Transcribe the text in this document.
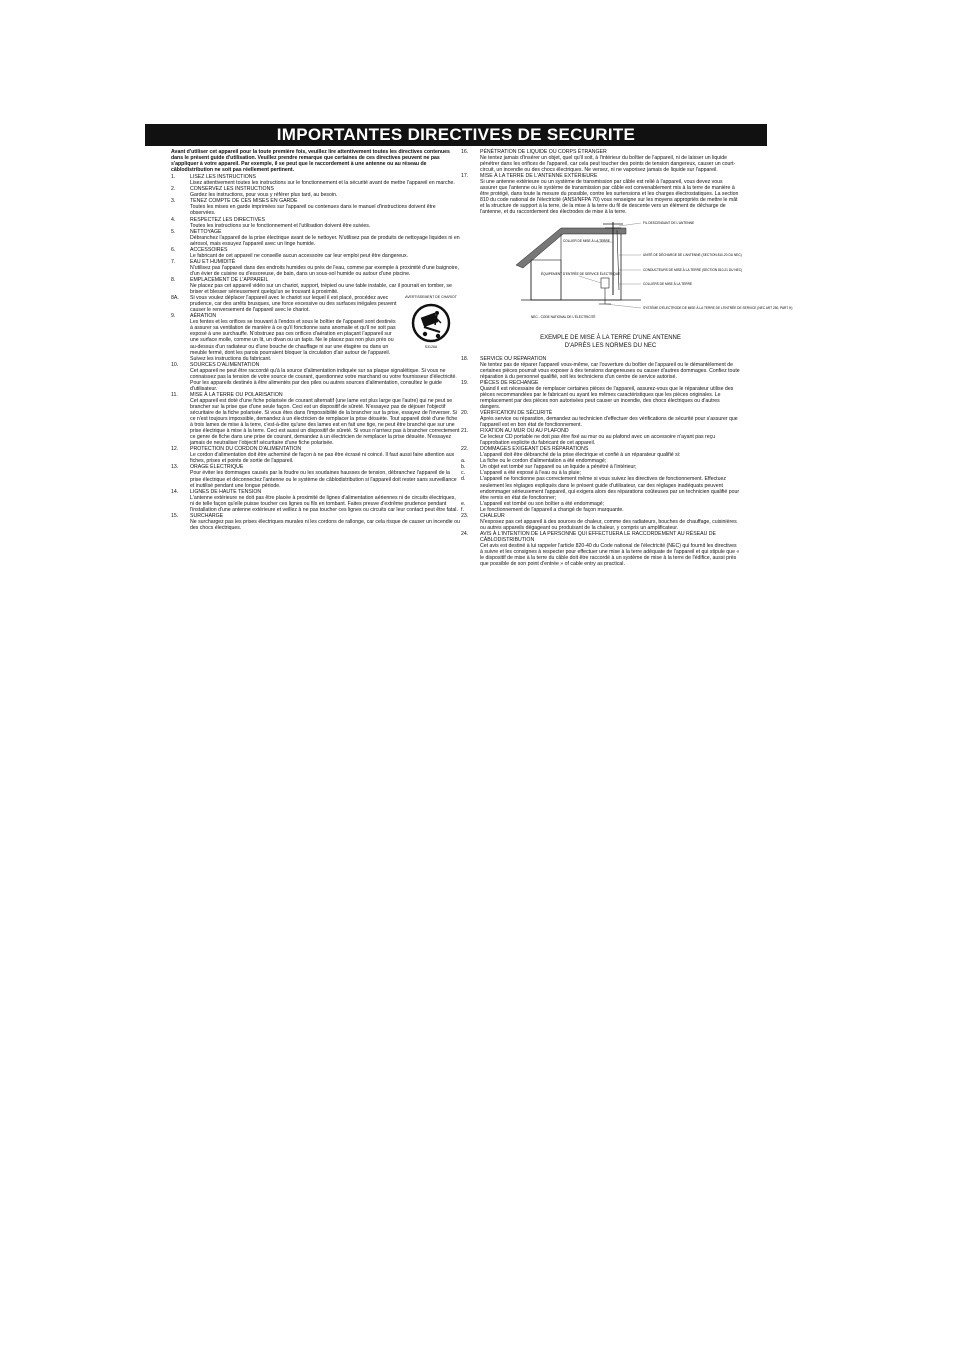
IMPORTANTES DIRECTIVES DE SECURITE
Avant d'utiliser cet appareil pour la toute première fois, veuillez lire attentivement toutes les directives contenues dans le présent guide d'utilisation. Veuillez prendre remarque que certaines de ces directives peuvent ne pas s'appliquer à votre appareil. Par exemple, il se peut que le raccordement à une antenne ou au réseau de câblodistribution ne soit pas réellement pertinent.
1.	LISEZ LES INSTRUCTIONS
Lisez attentivement toutes les instructions sur le fonctionnement et la sécurité avant de mettre l'appareil en marche.
2.	CONSERVEZ LES INSTRUCTIONS
Gardez les instructions, pour vous y référer plus tard, au besoin.
3.	TENEZ COMPTE DE CES MISES EN GARDE
Toutes les mises en garde imprimées sur l'appareil ou contenues dans le manuel d'instructions doivent être observées.
4.	RESPECTEZ LES DIRECTIVES
Toutes les instructions sur le fonctionnement et l'utilisation doivent être suivies.
5.	NETTOYAGE
Débranchez l'appareil de la prise électrique avant de le nettoyer. N'utilisez pas de produits de nettoyage liquides ni en aérosol, mais essuyez l'appareil avec un linge humide.
6.	ACCESSOIRES
Le fabricant de cet appareil ne conseille aucun accessoire car leur emploi peut être dangereux.
7.	EAU ET HUMIDITÉ
N'utilisez pas l'appareil dans des endroits humides ou près de l'eau, comme par exemple à proximité d'une baignoire, d'un évier de cuisine ou d'essoreuse, de bain, dans un sous-sol humide ou autour d'une piscine.
8.	EMPLACEMENT DE L'APPAREIL
Ne placez pas cet appareil vidéo sur un chariot, support, trépied ou une table instable, car il pourrait en tomber, se briser et blesser sérieusement quelqu'un se trouvant à proximité.
AVERTISSEMENT DE CHARIOT
S3126A
8A.	Si vous voulez déplacer l'appareil avec le chariot sur lequel il est placé, procédez avec prudence, car des arrêts brusques, une force excessive ou des surfaces inégales peuvent causer le renversement de l'appareil avec le chariot.
9.	AÉRATION
Les fentes et les orifices se trouvant à l'endos et sous le boîtier de l'appareil sont destinés à assurer sa ventilation de manière à ce qu'il fonctionne sans anomalie et qu'il ne soit pas exposé à une surchauffe. N'obstruez pas ces orifices d'aération en plaçant l'appareil sur une surface molle, comme un lit, un divan ou un tapis. Ne le placez pas non plus près ou au-dessus d'un radiateur ou d'une bouche de chauffage ni sur une étagère ou dans un meuble fermé, dont les parois pourraient bloquer la circulation d'air autour de l'appareil. Suivez les instructions du fabricant.
10.	SOURCES D'ALIMENTATION
Cet appareil ne peut être raccordé qu'à la source d'alimentation indiquée sur sa plaque signalétique. Si vous ne connaissez pas la tension de votre source de courant, questionnez votre marchand ou votre fournisseur d'électricité. Pour les appareils destinés à être alimentés par des piles ou autres sources d'alimentation, consultez le guide d'utilisateur.
11.	MISE À LA TERRE OU POLARISATION
Cet appareil est doté d'une fiche polarisée de courant alternatif (une lame est plus large que l'autre) qui ne peut se brancher sur la prise que d'une seule façon. Ceci est un dispositif de sûreté. N'essayez pas de déjouer l'objectif sécuritaire de la fiche polarisée. Si vous êtes dans l'impossibilité de la brancher sur la prise, essayez de l'inverser. Si ce n'est toujours impossible, demandez à un électricien de remplacer la prise désuète. Tout appareil doté d'une fiche à trois lames de mise à la terre, c'est-à-dire qu'une des lames est en fait une tige, ne peut être branché que sur une prise électrique à mise à la terre. Ceci est aussi un dispositif de sûreté. Si vous n'arrivez pas à brancher correctement ce genre de fiche dans une prise de courant, demandez à un électricien de remplacer la prise désuète. N'essayez jamais de neutraliser l'objectif sécuritaire d'une fiche polarisée.
12.	PROTECTION DU CORDON D'ALIMENTATION
Le cordon d'alimentation doit être acheminé de façon à ne pas être écrasé ni coincé. Il faut aussi faire attention aux fiches, prises et points de sortie de l'appareil.
13.	ORAGE ÉLECTRIQUE
Pour éviter les dommages causés par la foudre ou les soudaines hausses de tension, débranchez l'appareil de la prise électrique et déconnectez l'antenne ou le système de câblodistribution si l'appareil doit rester sans surveillance et inutilisé pendant une longue période.
14.	LIGNES DE HAUTE TENSION
L'antenne extérieure ne doit pas être placée à proximité de lignes d'alimentation aériennes ni de circuits électriques, ni de telle façon qu'elle puisse toucher ces lignes ou fils en tombant. Faites preuve d'extrême prudence pendant l'installation d'une antenne extérieure et veillez à ne pas toucher ces lignes ou circuits car leur contact peut être fatal.
15.	SURCHARGE
Ne surchargez pas les prises électriques murales ni les cordons de rallonge, car cela risque de causer un incendie ou des chocs électriques.
16.	PÉNÉTRATION DE LIQUIDE OU CORPS ÉTRANGER
Ne tentez jamais d'insérer un objet, quel qu'il soit, à l'intérieur du boîtier de l'appareil, ni de laisser un liquide pénétrer dans les orifices de l'appareil, car cela peut toucher des points de tension dangereux, causer un court-circuit, un incendie ou des chocs électriques. Ne versez, ni ne vaporisez jamais de liquide sur l'appareil.
17.	MISE À LA TERRE DE L'ANTENNE EXTÉRIEURE
Si une antenne extérieure ou un système de transmission par câble est relié à l'appareil, vous devez vous assurer que l'antenne ou le système de transmission par câble est convenablement mis à la terre de manière à être protégé, dans toute la mesure du possible, contre les surtensions et les charges électrostatiques. La section 810 du code national de l'électricité (ANSI/NFPA 70) vous renseigne sur les moyens appropriés de mettre le mât et la structure de support à la terre, de la mise à la terre du fil de descente vers un élément de décharge de l'antenne, et du raccordement des électrodes de mise à la terre.
FIL DESCENDANT DE L'ANTENNE
COLLIER DE MISE À LA TERRE
UNITÉ DE DÉCHARGE DE L'ANTENNE (SECTION 810-20 DU NEC)
CONDUCTEURS DE MISE À LA TERRE (SECTION 810-21 DU NEC)
COLLIERS DE MISE À LA TERRE
ÉQUIPEMENT D'ENTRÉE DE SERVICE ÉLECTRIQUE
SYSTÈME D'ÉLECTRODE DE MISE À LA TERRE DE L'ENTRÉE DE SERVICE (NEC ART 250, PART H)
NEC - CODE NATIONAL DE L'ÉLECTRICITÉ
EXEMPLE DE MISE À LA TERRE D'UNE ANTENNE
D'APRÈS LES NORMES DU NEC
18.	SERVICE OU RÉPARATION
Ne tentez pas de réparer l'appareil vous-même, car l'ouverture du boîtier de l'appareil ou le démantèlement de certaines pièces pourrait vous exposer à des tensions dangereuses ou causer d'autres dommages. Confiez toute réparation à du personnel qualifié, soit les techniciens d'un centre de service autorisé.
19.	PIÈCES DE RECHANGE
Quand il est nécessaire de remplacer certaines pièces de l'appareil, assurez-vous que le réparateur utilise des pièces recommandées par le fabricant ou ayant les mêmes caractéristiques que les pièces originales. Le remplacement par des pièces non autorisées peut causer un incendie, des chocs électriques ou d'autres dangers.
20.	VÉRIFICATION DE SÉCURITÉ
Après service ou réparation, demandez au technicien d'effectuer des vérifications de sécurité pour s'assurer que l'appareil est en bon état de fonctionnement.
21.	FIXATION AU MUR OU AU PLAFOND
Ce lecteur CD portable ne doit pas être fixé au mur ou au plafond avec un accessoire n'ayant pas reçu l'approbation explicite du fabricant de cet appareil.
22.	DOMMAGES EXIGEANT DES RÉPARATIONS
L'appareil doit être débranché de la prise électrique et confié à un réparateur qualifié si:
a.	La fiche ou le cordon d'alimentation a été endommagé;
b.	Un objet est tombé sur l'appareil ou un liquide a pénétré à l'intérieur;
c.	L'appareil a été exposé à l'eau ou à la pluie;
d.	L'appareil ne fonctionne pas correctement même si vous suivez les directives de fonctionnement. Effectuez seulement les réglages expliqués dans le présent guide d'utilisateur, car des réglages inadéquats peuvent endommager sérieusement l'appareil, qui exigera alors des réparations coûteuses par un technicien qualifié pour être remis en état de fonctionner;
e.	L'appareil est tombé ou son boîtier a été endommagé;
f.	Le fonctionnement de l'appareil a changé de façon marquante.
23.	CHALEUR
N'exposez pas cet appareil à des sources de chaleur, comme des radiateurs, bouches de chauffage, cuisinières ou autres appareils dégageant ou produisant de la chaleur, y compris un amplificateur.
24.	AVIS À L'INTENTION DE LA PERSONNE QUI EFFECTUERA LE RACCORDEMENT AU RÉSEAU DE CÂBLODISTRIBUTION
Cet avis est destiné à lui rappeler l'article 820-40 du Code national de l'électricité (NEC) qui fournit les directives à suivre et les consignes à respecter pour effectuer une mise à la terre adéquate de l'appareil et qui stipule que « le dispositif de mise à la terre du câble doit être raccordé à un système de mise à la terre de l'édifice, aussi près que possible de son point d'entrée » of cable entry as practical.
